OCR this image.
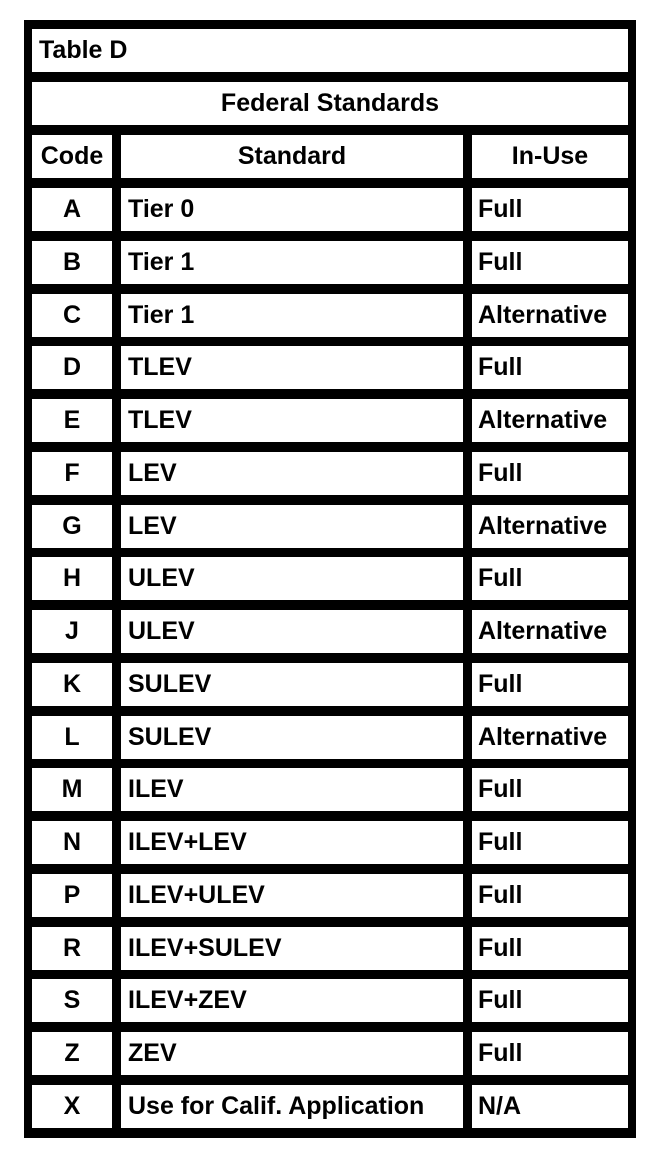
Table D
Federal Standards
Code	Standard	In-Use
A	Tier 0	Full
B	Tier 1	Full
C	Tier 1	Alternative
D	TLEV	Full
E	TLEV	Alternative
F	LEV	Full
G	LEV	Alternative
H	ULEV	Full
J	ULEV	Alternative
K	SULEV	Full
L	SULEV	Alternative
M	ILEV	Full
N	ILEV+LEV	Full
P	ILEV+ULEV	Full
R	ILEV+SULEV	Full
S	ILEV+ZEV	Full
Z	ZEV	Full
X	Use for Calif. Application	N/A
